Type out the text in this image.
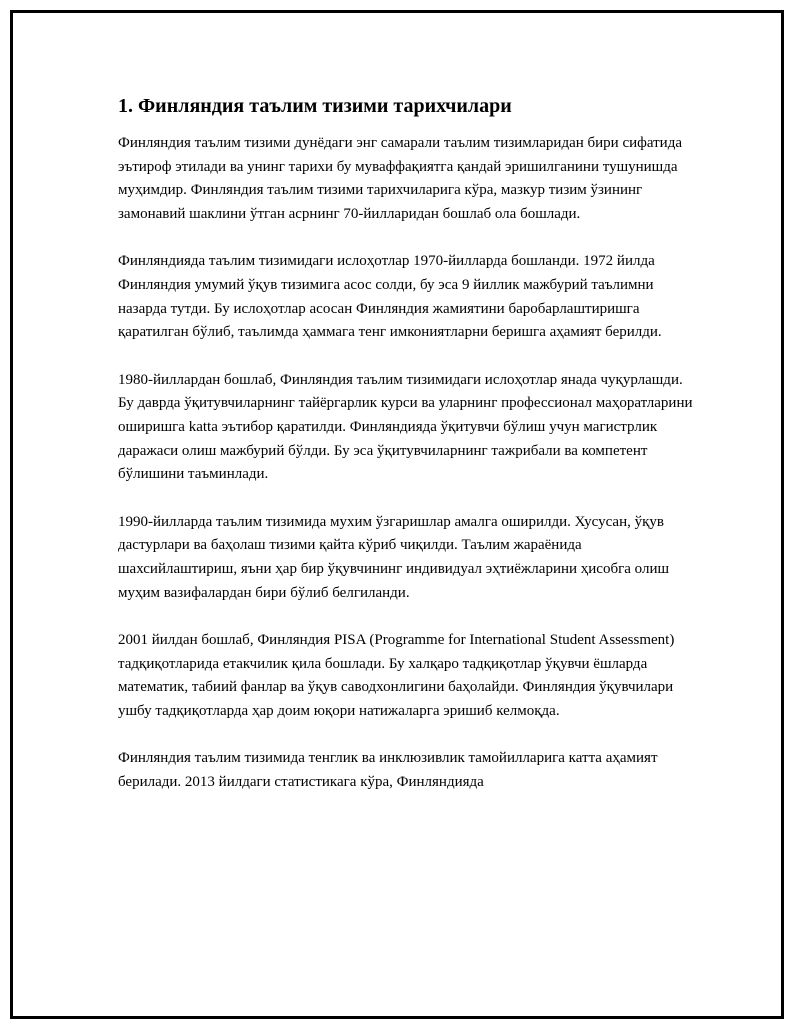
1. Финляндия таълим тизими тарихчилари

Финляндия таълим тизими дунёдаги энг самарали таълим тизимларидан бири сифатида эътироф этилади ва унинг тарихи бу муваффақиятга қандай эришилганини тушунишда муҳимдир. Финляндия таълим тизими тарихчиларига кўра, мазкур тизим ўзининг замонавий шаклини ўтган асрнинг 70-йилларидан бошлаб ола бошлади.

Финляндияда таълим тизимидаги ислоҳотлар 1970-йилларда бошланди. 1972 йилда Финляндия умумий ўқув тизимига асос солди, бу эса 9 йиллик мажбурий таълимни назарда тутди. Бу ислоҳотлар асосан Финляндия жамиятини баробарлаштиришга қаратилган бўлиб, таълимда ҳаммага тенг имкониятларни беришга аҳамият берилди.

1980-йиллардан бошлаб, Финляндия таълим тизимидаги ислоҳотлар янада чуқурлашди. Бу даврда ўқитувчиларнинг тайёргарлик курси ва уларнинг профессионал маҳоратларини оширишга katta эътибор қаратилди. Финляндияда ўқитувчи бўлиш учун магистрлик даражаси олиш мажбурий бўлди. Бу эса ўқитувчиларнинг тажрибали ва компетент бўлишини таъминлади.

1990-йилларда таълим тизимида мухим ўзгаришлар амалга оширилди. Хусусан, ўқув дастурлари ва баҳолаш тизими қайта кўриб чиқилди. Таълим жараёнида шахсийлаштириш, яъни ҳар бир ўқувчининг индивидуал эҳтиёжларини ҳисобга олиш муҳим вазифалардан бири бўлиб белгиланди.

2001 йилдан бошлаб, Финляндия PISA (Programme for International Student Assessment) тадқиқотларида етакчилик қила бошлади. Бу халқаро тадқиқотлар ўқувчи ёшларда математик, табиий фанлар ва ўқув саводхонлигини баҳолайди. Финляндия ўқувчилари ушбу тадқиқотларда ҳар доим юқори натижаларга эришиб келмоқда.

Финляндия таълим тизимида тенглик ва инклюзивлик тамойилларига катта аҳамият берилади. 2013 йилдаги статистикага кўра, Финляндияда
